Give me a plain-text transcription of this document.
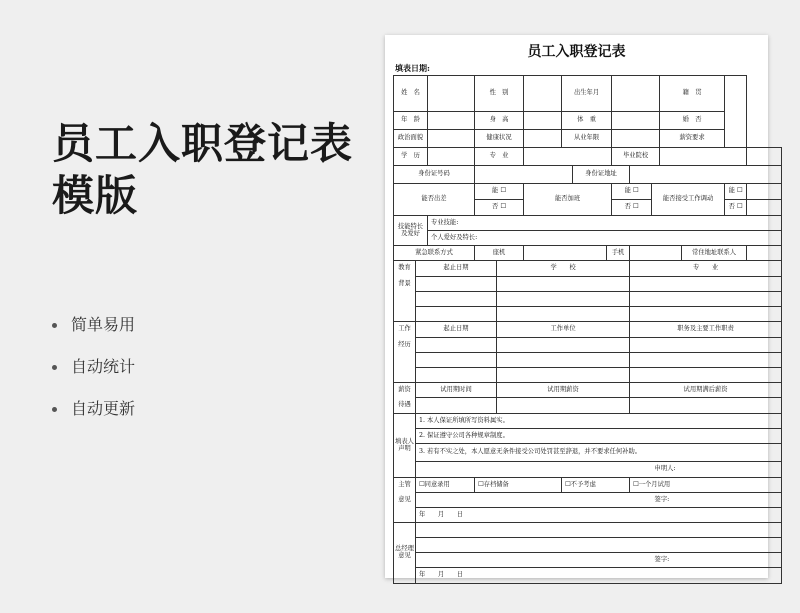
员工入职登记表模版
简单易用
自动统计
自动更新
员工入职登记表
填表日期:
姓　名			性　别			出生年月						籍　贯			
年　龄			身　高			体　重						婚　否			
政治面貌			健康状况			从业年限						薪资要求			
学　历			专　业						毕业院校						
身份证号码							身份证地址								
能否出差			能 ☐		能否加班				能 ☐		能否接受工作调动			能 ☐	
			否 ☐						否 ☐					否 ☐	
技能特长及爱好		专业技能:													
		个人爱好及特长:													
紧急联系方式			座机					手机					常住地址联系人		
教育	起止日期			学　　校						专　　业					
背景															

工作	起止日期			工作单位						职务及主要工作职责					
经历															

薪资	试用期时间			试用期薪资						试用期满后薪资					
待遇															
填表人声明	1. 本人保证所填所写资料属实。														
	2. 保证遵守公司各种规章制度。														
	3. 若有不实之处，本人愿意无条件接受公司处罚甚至辞退，并不要求任何补助。														
											申明人:				
主管	☐同意录用		☐存档储备			☐不予考虑				☐一个月试用					
意见											签字:				
	年　　月　　日														
总经理意见															

											签字:				
	年　　月　　日														
